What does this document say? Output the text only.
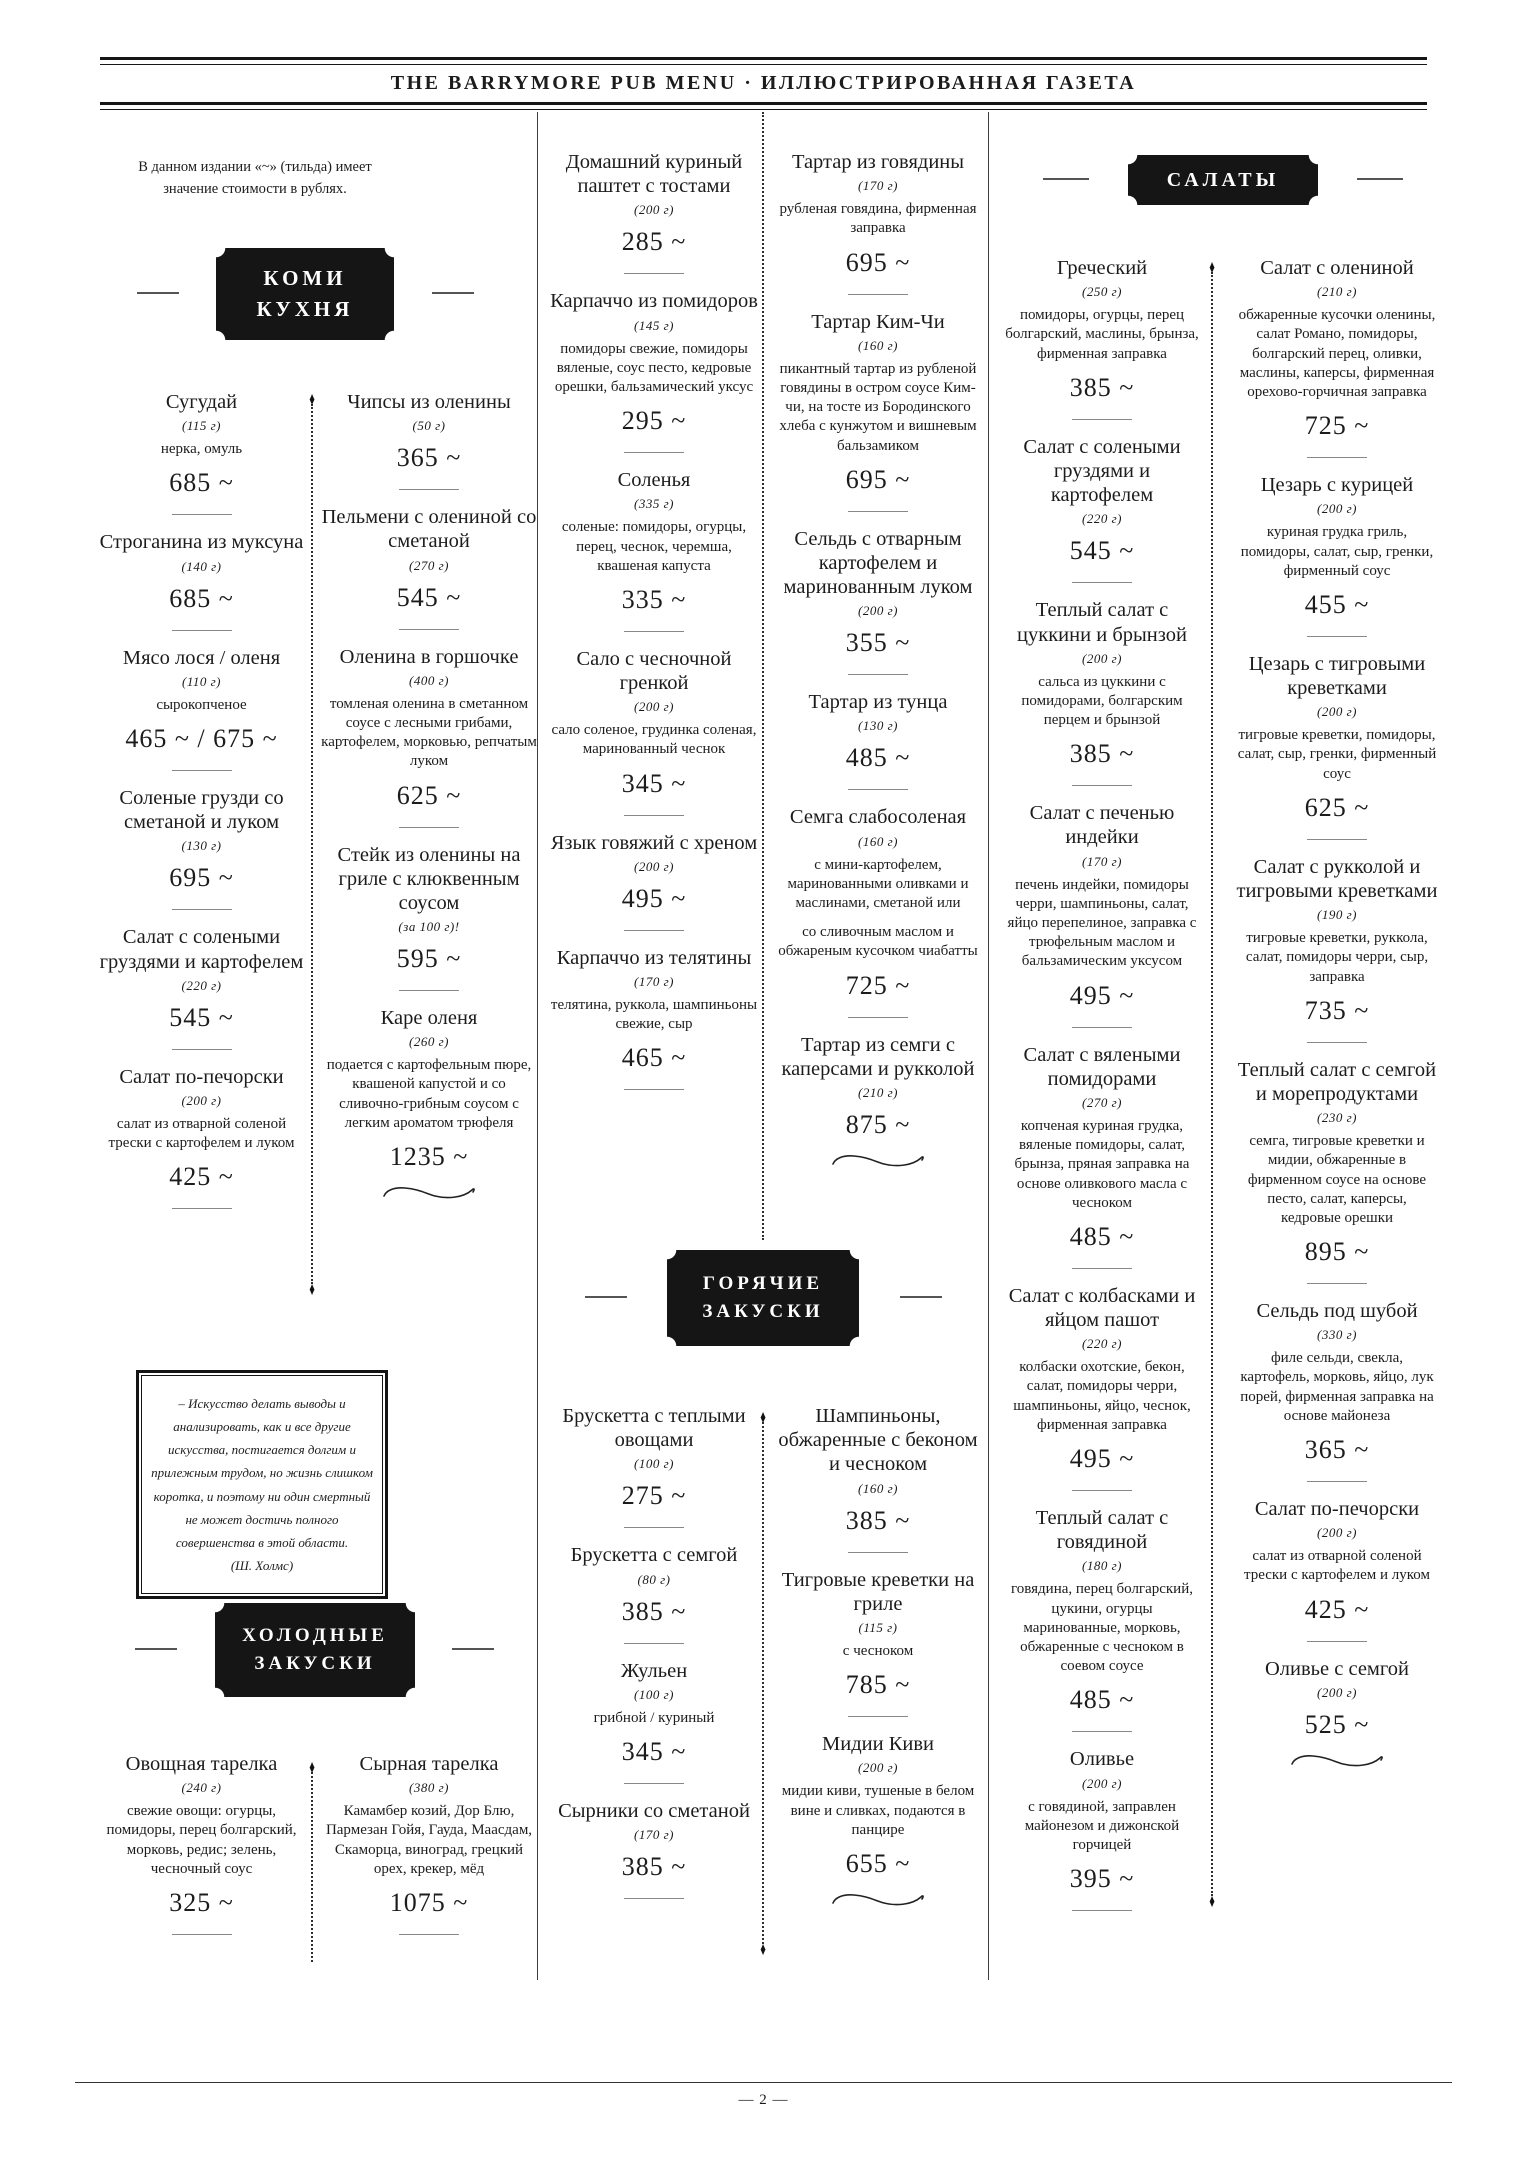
THE BARRYMORE PUB MENU · ИЛЛЮСТРИРОВАННАЯ ГАЗЕТА
В данном издании «~» (тильда) имеет
значение стоимости в рублях.
КОМИ КУХНЯ
ХОЛОДНЫЕ ЗАКУСКИ
ГОРЯЧИЕ ЗАКУСКИ
САЛАТЫ
♦
♦
♦
♦
♦
♦
♦
Сугудай
(115 г)
нерка, омуль
685 ~
Строганина из муксуна
(140 г)
685 ~
Мясо лося / оленя
(110 г)
сырокопченое
465 ~ / 675 ~
Соленые грузди со сметаной и луком
(130 г)
695 ~
Салат с солеными груздями и картофелем
(220 г)
545 ~
Салат по-печорски
(200 г)
салат из отварной соленой трески с картофелем и луком
425 ~
Чипсы из оленины
(50 г)
365 ~
Пельмени с олениной со сметаной
(270 г)
545 ~
Оленина в горшочке
(400 г)
томленая оленина в сметанном соусе с лесными грибами, картофелем, морковью, репчатым луком
625 ~
Стейк из оленины на гриле с клюквенным соусом
(за 100 г)!
595 ~
Каре оленя
(260 г)
подается с картофельным пюре, квашеной капустой и со сливочно-грибным соусом с легким ароматом трюфеля
1235 ~
Домашний куриный паштет с тостами
(200 г)
285 ~
Карпаччо из помидоров
(145 г)
помидоры свежие, помидоры вяленые, соус песто, кедровые орешки, бальзамический уксус
295 ~
Соленья
(335 г)
соленые: помидоры, огурцы, перец, чеснок, черемша, квашеная капуста
335 ~
Сало с чесночной гренкой
(200 г)
сало соленое, грудинка соленая, маринованный чеснок
345 ~
Язык говяжий с хреном
(200 г)
495 ~
Карпаччо из телятины
(170 г)
телятина, руккола, шампиньоны свежие, сыр
465 ~
Тартар из говядины
(170 г)
рубленая говядина, фирменная заправка
695 ~
Тартар Ким-Чи
(160 г)
пикантный тартар из рубленой говядины в остром соусе Ким-чи, на тосте из Бородинского хлеба с кунжутом и вишневым бальзамиком
695 ~
Сельдь с отварным картофелем и маринованным луком
(200 г)
355 ~
Тартар из тунца
(130 г)
485 ~
Семга слабосоленая
(160 г)
с мини-картофелем, маринованными оливками и маслинами, сметаной или
со сливочным маслом и обжареным кусочком чиабатты
725 ~
Тартар из семги с каперсами и рукколой
(210 г)
875 ~
Брускетта с теплыми овощами
(100 г)
275 ~
Брускетта с семгой
(80 г)
385 ~
Жульен
(100 г)
грибной / куриный
345 ~
Сырники со сметаной
(170 г)
385 ~
Шампиньоны, обжаренные с беконом и чесноком
(160 г)
385 ~
Тигровые креветки на гриле
(115 г)
с чесноком
785 ~
Мидии Киви
(200 г)
мидии киви, тушеные в белом вине и сливках, подаются в панцире
655 ~
Овощная тарелка
(240 г)
свежие овощи: огурцы, помидоры, перец болгарский, морковь, редис; зелень, чесночный соус
325 ~
Сырная тарелка
(380 г)
Камамбер козий, Дор Блю, Пармезан Гойя, Гауда, Маасдам, Скаморца, виноград, грецкий орех, крекер, мёд
1075 ~
Греческий
(250 г)
помидоры, огурцы, перец болгарский, маслины, брынза, фирменная заправка
385 ~
Салат с солеными груздями и картофелем
(220 г)
545 ~
Теплый салат с цуккини и брынзой
(200 г)
сальса из цуккини с помидорами, болгарским перцем и брынзой
385 ~
Салат с печенью индейки
(170 г)
печень индейки, помидоры черри, шампиньоны, салат, яйцо перепелиное, заправка с трюфельным маслом и бальзамическим уксусом
495 ~
Салат с вялеными помидорами
(270 г)
копченая куриная грудка, вяленые помидоры, салат, брынза, пряная заправка на основе оливкового масла с чесноком
485 ~
Салат с колбасками и яйцом пашот
(220 г)
колбаски охотские, бекон, салат, помидоры черри, шампиньоны, яйцо, чеснок, фирменная заправка
495 ~
Теплый салат с говядиной
(180 г)
говядина, перец болгарский, цукини, огурцы маринованные, морковь, обжаренные с чесноком в соевом соусе
485 ~
Оливье
(200 г)
с говядиной, заправлен майонезом и дижонской горчицей
395 ~
Салат с олениной
(210 г)
обжаренные кусочки оленины, салат Романо, помидоры, болгарский перец, оливки, маслины, каперсы, фирменная орехово-горчичная заправка
725 ~
Цезарь с курицей
(200 г)
куриная грудка гриль, помидоры, салат, сыр, гренки, фирменный соус
455 ~
Цезарь с тигровыми креветками
(200 г)
тигровые креветки, помидоры, салат, сыр, гренки, фирменный соус
625 ~
Салат с рукколой и тигровыми креветками
(190 г)
тигровые креветки, руккола, салат, помидоры черри, сыр, заправка
735 ~
Теплый салат с семгой и морепродуктами
(230 г)
семга, тигровые креветки и мидии, обжаренные в фирменном соусе на основе песто, салат, каперсы, кедровые орешки
895 ~
Сельдь под шубой
(330 г)
филе сельди, свекла, картофель, морковь, яйцо, лук порей, фирменная заправка на основе майонеза
365 ~
Салат по-печорски
(200 г)
салат из отварной соленой трески с картофелем и луком
425 ~
Оливье с семгой
(200 г)
525 ~
– Искусство делать выводы и анализировать, как и все другие искусства, постигается долгим и прилежным трудом, но жизнь слишком коротка, и поэтому ни один смертный не может достичь полного совершенства в этой области.
(Ш. Холмс)
— 2 —
